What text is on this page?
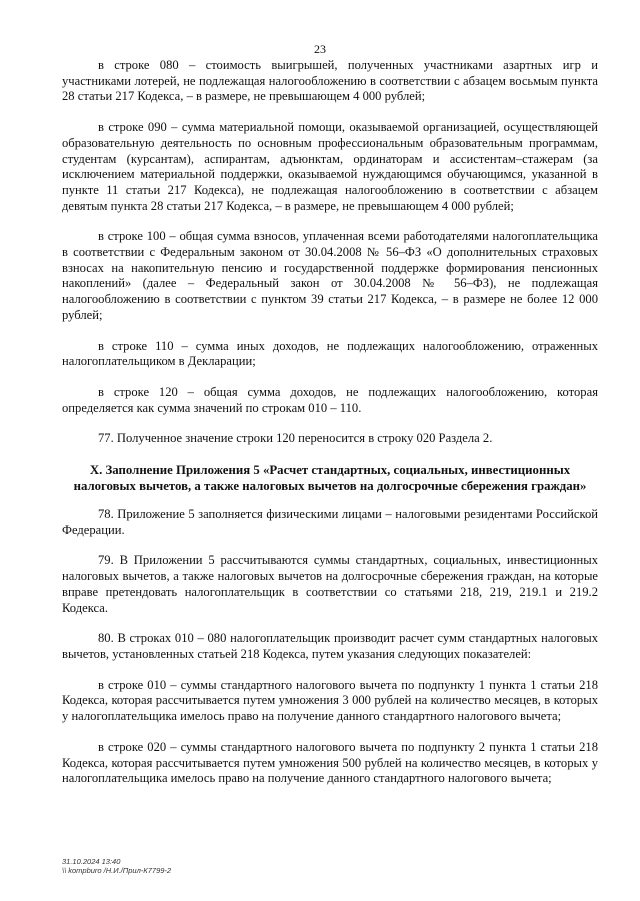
23

в строке 080 – стоимость выигрышей, полученных участниками азартных игр и участниками лотерей, не подлежащая налогообложению в соответствии с абзацем восьмым пункта 28 статьи 217 Кодекса, – в размере, не превышающем 4 000 рублей;

в строке 090 – сумма материальной помощи, оказываемой организацией, осуществляющей образовательную деятельность по основным профессиональным образовательным программам, студентам (курсантам), аспирантам, адъюнктам, ординаторам и ассистентам–стажерам (за исключением материальной поддержки, оказываемой нуждающимся обучающимся, указанной в пункте 11 статьи 217 Кодекса), не подлежащая налогообложению в соответствии с абзацем девятым пункта 28 статьи 217 Кодекса, – в размере, не превышающем 4 000 рублей;

в строке 100 – общая сумма взносов, уплаченная всеми работодателями налогоплательщика в соответствии с Федеральным законом от 30.04.2008 № 56–ФЗ «О дополнительных страховых взносах на накопительную пенсию и государственной поддержке формирования пенсионных накоплений» (далее – Федеральный закон от 30.04.2008 № 56–ФЗ), не подлежащая налогообложению в соответствии с пунктом 39 статьи 217 Кодекса, – в размере не более 12 000 рублей;

в строке 110 – сумма иных доходов, не подлежащих налогообложению, отраженных налогоплательщиком в Декларации;

в строке 120 – общая сумма доходов, не подлежащих налогообложению, которая определяется как сумма значений по строкам 010 – 110.

77. Полученное значение строки 120 переносится в строку 020 Раздела 2.

X. Заполнение Приложения 5 «Расчет стандартных, социальных, инвестиционных налоговых вычетов, а также налоговых вычетов на долгосрочные сбережения граждан»

78. Приложение 5 заполняется физическими лицами – налоговыми резидентами Российской Федерации.

79. В Приложении 5 рассчитываются суммы стандартных, социальных, инвестиционных налоговых вычетов, а также налоговых вычетов на долгосрочные сбережения граждан, на которые вправе претендовать налогоплательщик в соответствии со статьями 218, 219, 219.1 и 219.2 Кодекса.

80. В строках 010 – 080 налогоплательщик производит расчет сумм стандартных налоговых вычетов, установленных статьей 218 Кодекса, путем указания следующих показателей:

в строке 010 – суммы стандартного налогового вычета по подпункту 1 пункта 1 статьи 218 Кодекса, которая рассчитывается путем умножения 3 000 рублей на количество месяцев, в которых у налогоплательщика имелось право на получение данного стандартного налогового вычета;

в строке 020 – суммы стандартного налогового вычета по подпункту 2 пункта 1 статьи 218 Кодекса, которая рассчитывается путем умножения 500 рублей на количество месяцев, в которых у налогоплательщика имелось право на получение данного стандартного налогового вычета;

31.10.2024 13:40
\\ kompburo /Н.И./Прил-К7799-2
